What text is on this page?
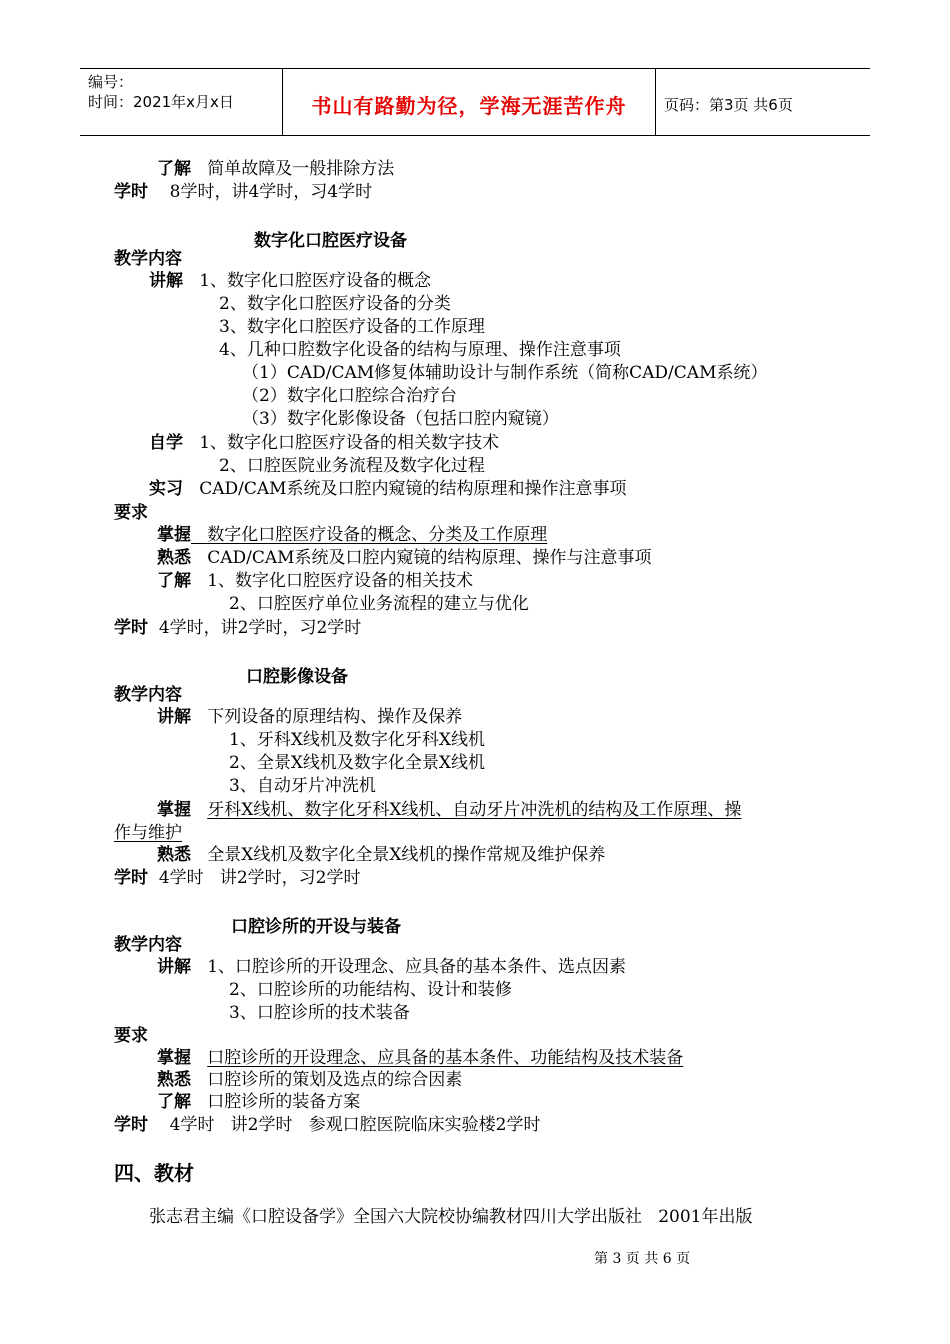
编号：
时间：2021年x月x日	书山有路勤为径，学海无涯苦作舟	页码：第3页 共6页
了解 简单故障及一般排除方法
学时 8学时，讲4学时，习4学时
数字化口腔医疗设备
教学内容
讲解 1、数字化口腔医疗设备的概念
2、数字化口腔医疗设备的分类
3、数字化口腔医疗设备的工作原理
4、几种口腔数字化设备的结构与原理、操作注意事项
（1）CAD/CAM修复体辅助设计与制作系统（简称CAD/CAM系统）
（2）数字化口腔综合治疗台
（3）数字化影像设备（包括口腔内窥镜）
自学 1、数字化口腔医疗设备的相关数字技术
2、口腔医院业务流程及数字化过程
实习 CAD/CAM系统及口腔内窥镜的结构原理和操作注意事项
要求
掌握 数字化口腔医疗设备的概念、分类及工作原理
熟悉 CAD/CAM系统及口腔内窥镜的结构原理、操作与注意事项
了解 1、数字化口腔医疗设备的相关技术
2、口腔医疗单位业务流程的建立与优化
学时 4学时，讲2学时，习2学时
口腔影像设备
教学内容
讲解 下列设备的原理结构、操作及保养
1、牙科X线机及数字化牙科X线机
2、全景X线机及数字化全景X线机
3、自动牙片冲洗机
掌握 牙科X线机、数字化牙科X线机、自动牙片冲洗机的结构及工作原理、操
作与维护
熟悉 全景X线机及数字化全景X线机的操作常规及维护保养
学时 4学时   讲2学时，习2学时
口腔诊所的开设与装备
教学内容
讲解 1、口腔诊所的开设理念、应具备的基本条件、选点因素
2、口腔诊所的功能结构、设计和装修
3、口腔诊所的技术装备
要求
掌握 口腔诊所的开设理念、应具备的基本条件、功能结构及技术装备
熟悉 口腔诊所的策划及选点的综合因素
了解 口腔诊所的装备方案
学时 4学时   讲2学时   参观口腔医院临床实验楼2学时
四、教材
张志君主编《口腔设备学》全国六大院校协编教材四川大学出版社   2001年出版
第 3 页 共 6 页
